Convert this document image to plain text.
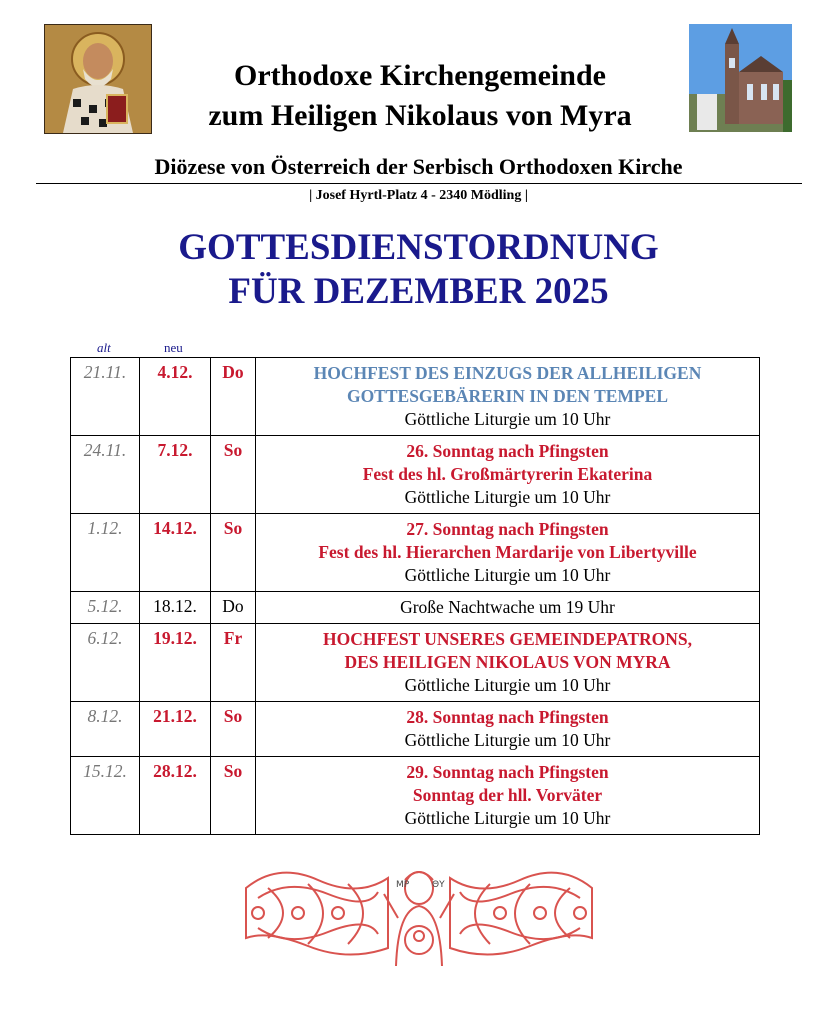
Orthodoxe Kirchengemeinde
zum Heiligen Nikolaus von Myra
Diözese von Österreich der Serbisch Orthodoxen Kirche
| Josef Hyrtl-Platz 4 - 2340 Mödling |
GOTTESDIENSTORDNUNG
FÜR DEZEMBER 2025
alt	neu
21.11.	4.12.	Do	HOCHFEST DES EINZUGS DER ALLHEILIGEN
GOTTESGEBÄRERIN IN DEN TEMPEL
Göttliche Liturgie um 10 Uhr

24.11.	7.12.	So	26. Sonntag nach Pfingsten
Fest des hl. Großmärtyrerin Ekaterina
Göttliche Liturgie um 10 Uhr

1.12.	14.12.	So	27. Sonntag nach Pfingsten
Fest des hl. Hierarchen Mardarije von Libertyville
Göttliche Liturgie um 10 Uhr

5.12.	18.12.	Do	Große Nachtwache um 19 Uhr

6.12.	19.12.	Fr	HOCHFEST UNSERES GEMEINDEPATRONS,
DES HEILIGEN NIKOLAUS VON MYRA
Göttliche Liturgie um 10 Uhr

8.12.	21.12.	So	28. Sonntag nach Pfingsten
Göttliche Liturgie um 10 Uhr

15.12.	28.12.	So	29. Sonntag nach Pfingsten
Sonntag der hll. Vorväter
Göttliche Liturgie um 10 Uhr
ΜΡ	ΘΥ
